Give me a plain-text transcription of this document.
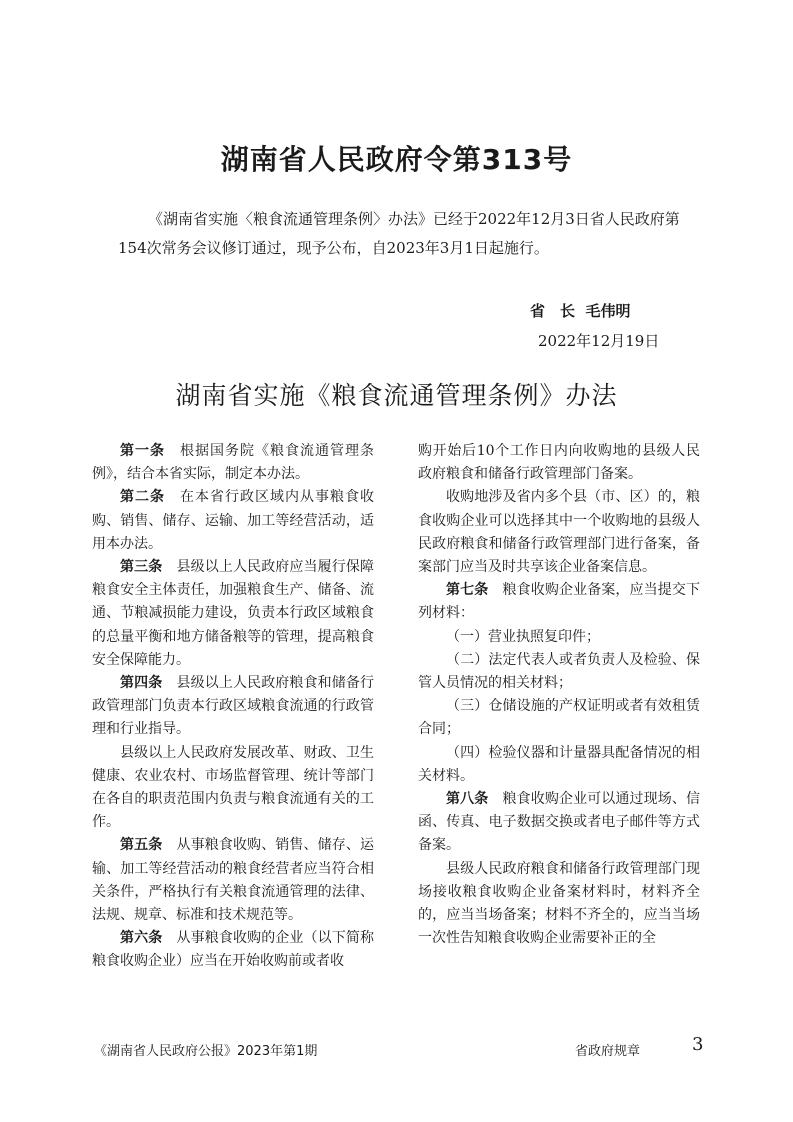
湖南省人民政府令第313号

《湖南省实施〈粮食流通管理条例〉办法》已经于2022年12月3日省人民政府第154次常务会议修订通过，现予公布，自2023年3月1日起施行。

省　长 毛伟明
2022年12月19日
湖南省实施《粮食流通管理条例》办法

第一条　 根据国务院《粮食流通管理条例》，结合本省实际，制定本办法。

第二条　 在本省行政区域内从事粮食收购、销售、储存、运输、加工等经营活动，适用本办法。

第三条　 县级以上人民政府应当履行保障粮食安全主体责任，加强粮食生产、储备、流通、节粮减损能力建设，负责本行政区域粮食的总量平衡和地方储备粮等的管理，提高粮食安全保障能力。

第四条　 县级以上人民政府粮食和储备行政管理部门负责本行政区域粮食流通的行政管理和行业指导。

县级以上人民政府发展改革、财政、卫生健康、农业农村、市场监督管理、统计等部门在各自的职责范围内负责与粮食流通有关的工作。

第五条　 从事粮食收购、销售、储存、运输、加工等经营活动的粮食经营者应当符合相关条件，严格执行有关粮食流通管理的法律、法规、规章、标准和技术规范等。

第六条　 从事粮食收购的企业（以下简称粮食收购企业）应当在开始收购前或者收

购开始后10个工作日内向收购地的县级人民政府粮食和储备行政管理部门备案。

收购地涉及省内多个县（市、区）的，粮食收购企业可以选择其中一个收购地的县级人民政府粮食和储备行政管理部门进行备案，备案部门应当及时共享该企业备案信息。

第七条　 粮食收购企业备案，应当提交下列材料：

（一）营业执照复印件；

（二）法定代表人或者负责人及检验、保管人员情况的相关材料；

（三）仓储设施的产权证明或者有效租赁合同；

（四）检验仪器和计量器具配备情况的相关材料。

第八条　 粮食收购企业可以通过现场、信函、传真、电子数据交换或者电子邮件等方式备案。

县级人民政府粮食和储备行政管理部门现场接收粮食收购企业备案材料时，材料齐全的，应当当场备案；材料不齐全的，应当当场一次性告知粮食收购企业需要补正的全

《湖南省人民政府公报》2023年第1期	省政府规章	3
